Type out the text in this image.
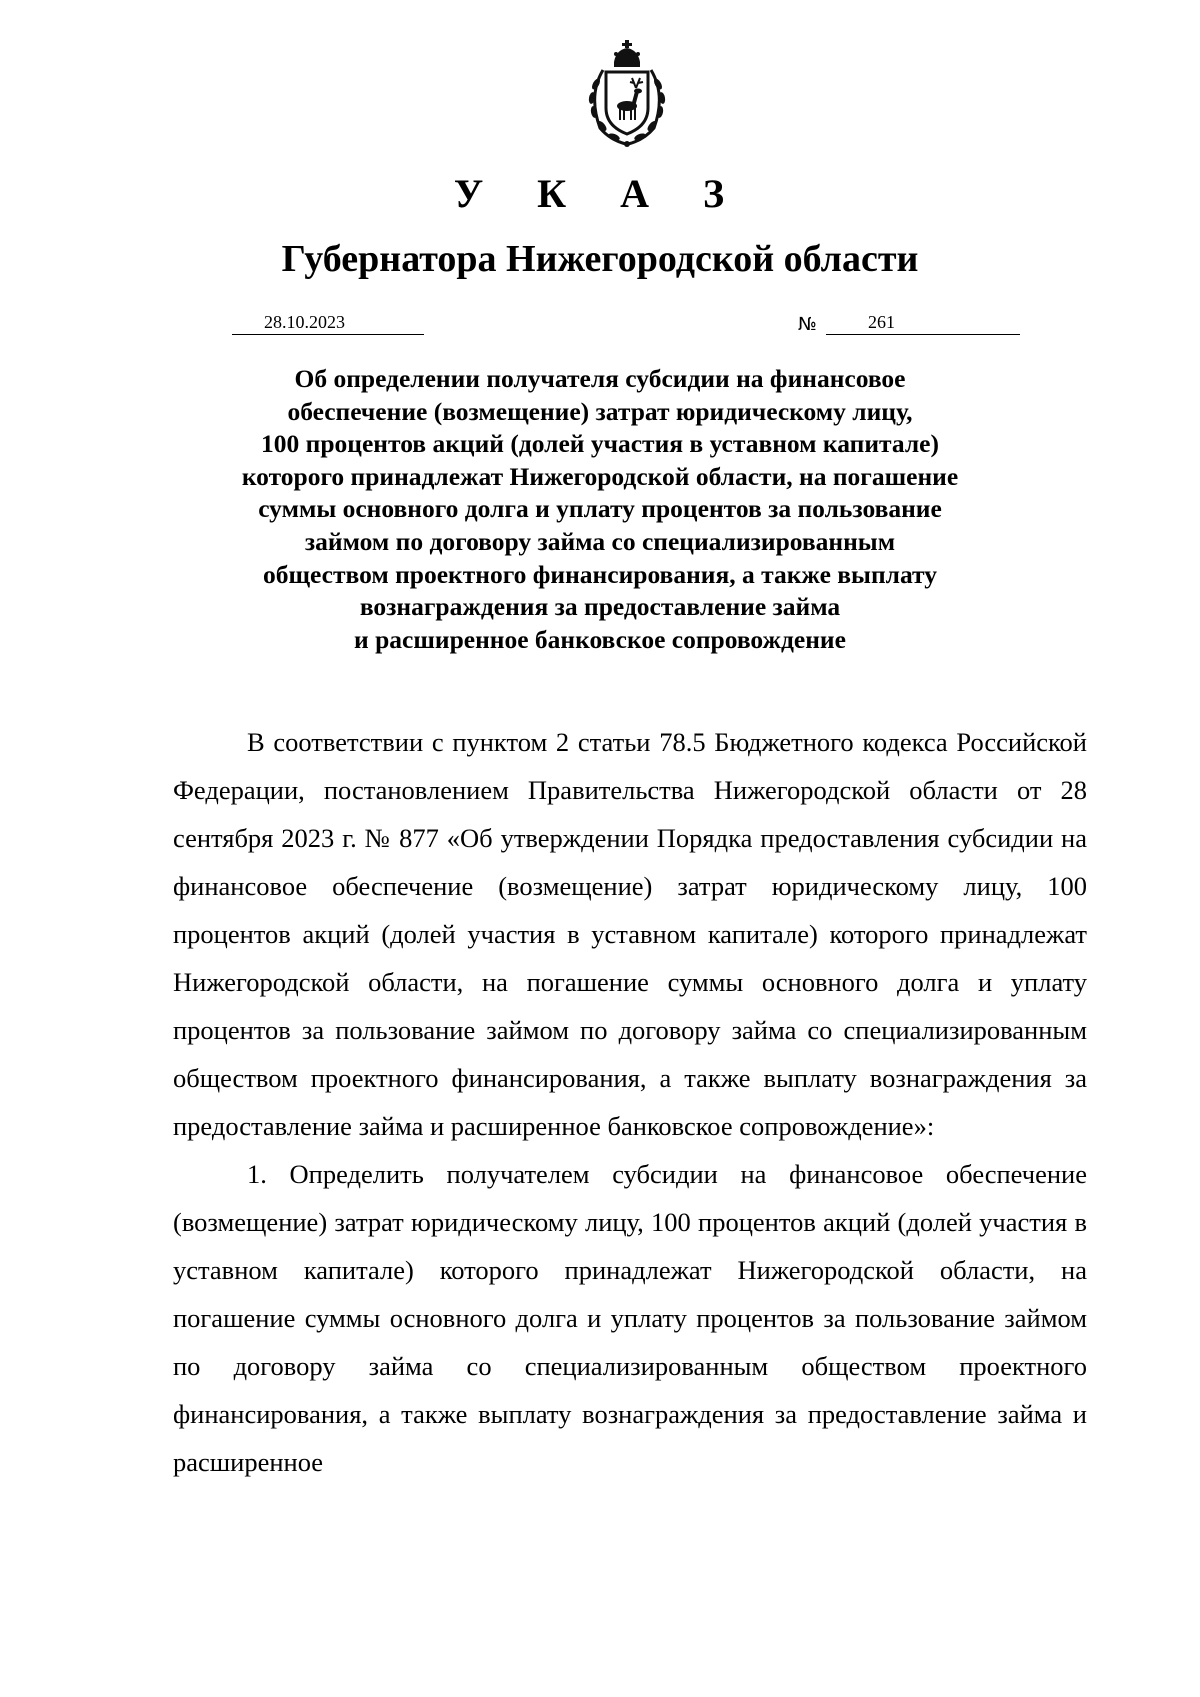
У К А З
Губернатора Нижегородской области
28.10.2023	№	261
Об определении получателя субсидии на финансовое
обеспечение (возмещение) затрат юридическому лицу,
100 процентов акций (долей участия в уставном капитале)
которого принадлежат Нижегородской области, на погашение
суммы основного долга и уплату процентов за пользование
займом по договору займа со специализированным
обществом проектного финансирования, а также выплату
вознаграждения за предоставление займа
и расширенное банковское сопровождение

В соответствии с пунктом 2 статьи 78.5 Бюджетного кодекса Российской Федерации, постановлением Правительства Нижегородской области от 28 сентября 2023 г. № 877 «Об утверждении Порядка предоставления субсидии на финансовое обеспечение (возмещение) затрат юридическому лицу, 100 процентов акций (долей участия в уставном капитале) которого принадлежат Нижегородской области, на погашение суммы основного долга и уплату процентов за пользование займом по договору займа со специализированным обществом проектного финансирования, а также выплату вознаграждения за предоставление займа и расширенное банковское сопровождение»:

1. Определить получателем субсидии на финансовое обеспечение (возмещение) затрат юридическому лицу, 100 процентов акций (долей участия в уставном капитале) которого принадлежат Нижегородской области, на погашение суммы основного долга и уплату процентов за пользование займом по договору займа со специализированным обществом проектного финансирования, а также выплату вознаграждения за предоставление займа и расширенное
